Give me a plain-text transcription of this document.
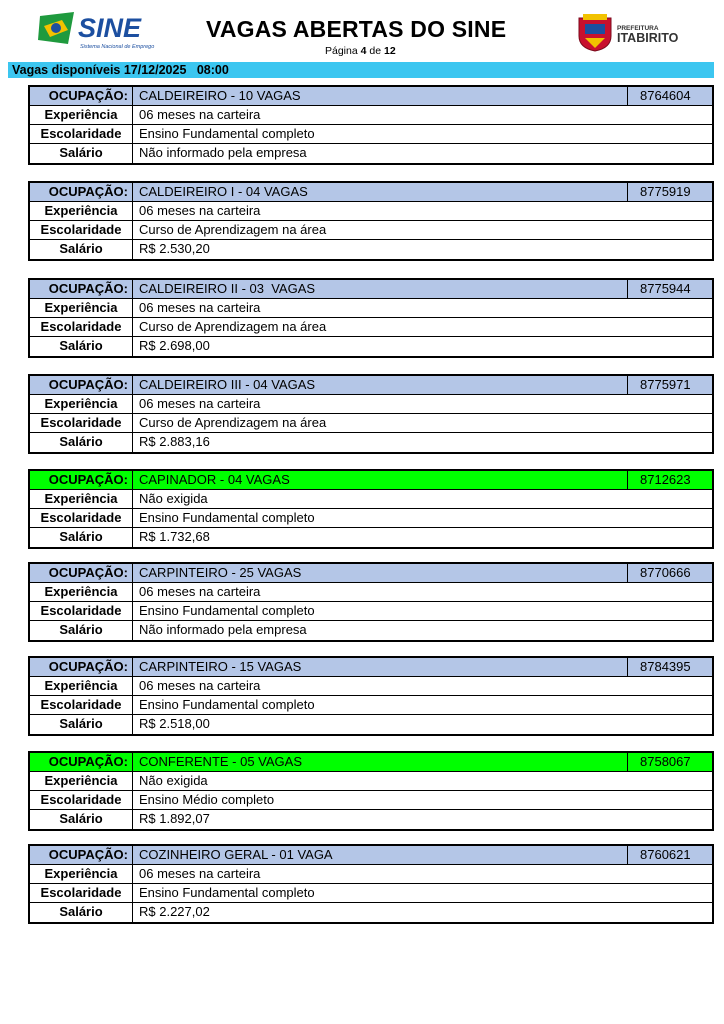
SINE
Sistema Nacional de Emprego
VAGAS ABERTAS DO SINE
Página 4 de 12
PREFEITURA
ITABIRITO
Vagas disponíveis 17/12/2025   08:00
OCUPAÇÃO: CALDEIREIRO - 10 VAGAS	8764604
Experiência	06 meses na carteira
Escolaridade	Ensino Fundamental completo
Salário	Não informado pela empresa
OCUPAÇÃO: CALDEIREIRO I - 04 VAGAS	8775919
Experiência	06 meses na carteira
Escolaridade	Curso de Aprendizagem na área
Salário	R$ 2.530,20
OCUPAÇÃO: CALDEIREIRO II - 03  VAGAS	8775944
Experiência	06 meses na carteira
Escolaridade	Curso de Aprendizagem na área
Salário	R$ 2.698,00
OCUPAÇÃO: CALDEIREIRO III - 04 VAGAS	8775971
Experiência	06 meses na carteira
Escolaridade	Curso de Aprendizagem na área
Salário	R$ 2.883,16
OCUPAÇÃO: CAPINADOR - 04 VAGAS	8712623
Experiência	Não exigida
Escolaridade	Ensino Fundamental completo
Salário	R$ 1.732,68
OCUPAÇÃO: CARPINTEIRO - 25 VAGAS	8770666
Experiência	06 meses na carteira
Escolaridade	Ensino Fundamental completo
Salário	Não informado pela empresa
OCUPAÇÃO: CARPINTEIRO - 15 VAGAS	8784395
Experiência	06 meses na carteira
Escolaridade	Ensino Fundamental completo
Salário	R$ 2.518,00
OCUPAÇÃO: CONFERENTE - 05 VAGAS	8758067
Experiência	Não exigida
Escolaridade	Ensino Médio completo
Salário	R$ 1.892,07
OCUPAÇÃO: COZINHEIRO GERAL - 01 VAGA	8760621
Experiência	06 meses na carteira
Escolaridade	Ensino Fundamental completo
Salário	R$ 2.227,02
